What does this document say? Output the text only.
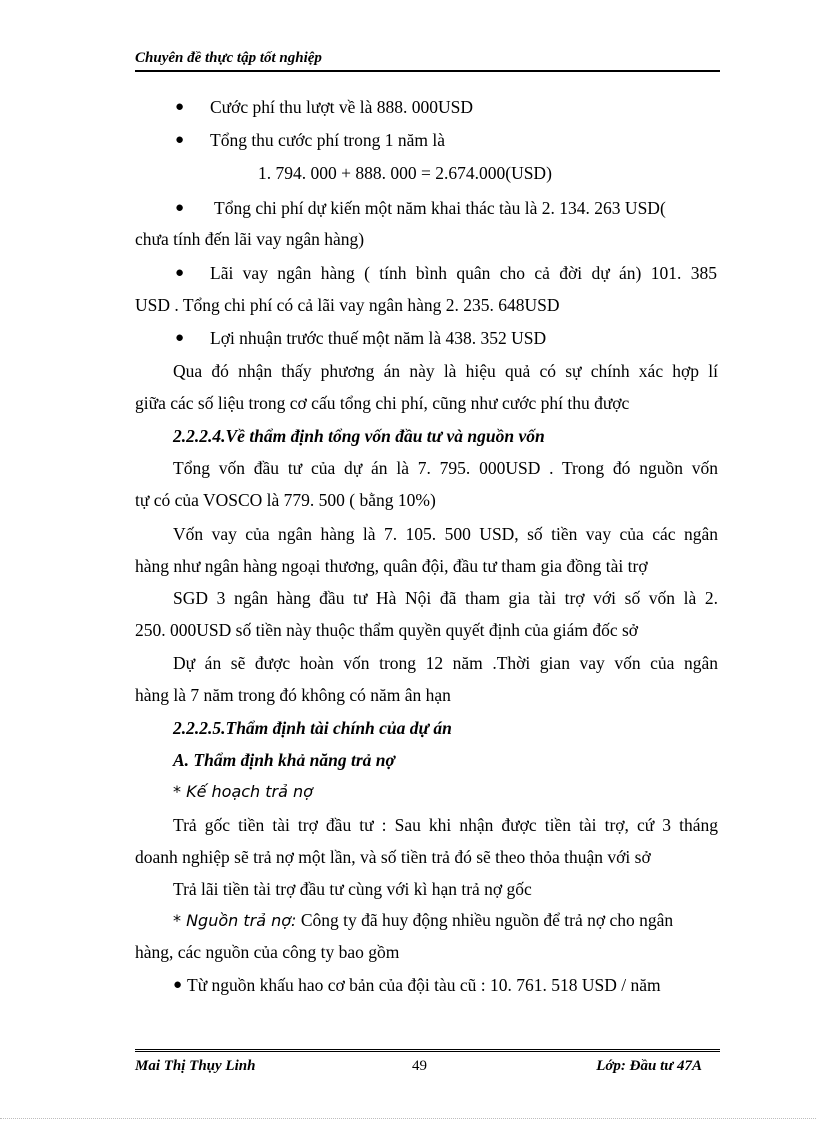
Chuyên đề thực tập tốt nghiệp
● Cước phí thu lượt về là 888. 000USD
● Tổng thu cước phí trong 1 năm là
1. 794. 000 + 888. 000 = 2.674.000(USD)
● Tổng chi phí dự kiến một năm khai thác tàu là 2. 134. 263 USD(
chưa tính đến lãi vay ngân hàng)
● Lãi vay ngân hàng ( tính bình quân cho cả đời dự án) 101. 385
USD . Tổng chi phí có cả lãi vay ngân hàng 2. 235. 648USD
● Lợi nhuận trước thuế một năm là 438. 352 USD
Qua đó nhận thấy phương án này là hiệu quả có sự chính xác hợp lí
giữa các số liệu trong cơ cấu tổng chi phí, cũng như cước phí thu được
2.2.2.4.Về thẩm định tổng vốn đầu tư và nguồn vốn
Tổng vốn đầu tư của dự án là 7. 795. 000USD . Trong đó nguồn vốn
tự có của VOSCO là 779. 500 ( bằng 10%)
Vốn vay của ngân hàng là 7. 105. 500 USD, số tiền vay của các ngân
hàng như ngân hàng ngoại thương, quân đội, đầu tư tham gia đồng tài trợ
SGD 3 ngân hàng đầu tư Hà Nội đã tham gia tài trợ với số vốn là 2.
250. 000USD số tiền này thuộc thẩm quyền quyết định của giám đốc sở
Dự án sẽ được hoàn vốn trong 12 năm .Thời gian vay vốn của ngân
hàng là 7 năm trong đó không có năm ân hạn
2.2.2.5.Thẩm định tài chính của dự án
A. Thẩm định khả năng trả nợ
* Kế hoạch trả nợ
Trả gốc tiền tài trợ đầu tư : Sau khi nhận được tiền tài trợ, cứ 3 tháng
doanh nghiệp sẽ trả nợ một lần, và số tiền trả đó sẽ theo thỏa thuận với sở
Trả lãi tiền tài trợ đầu tư cùng với kì hạn trả nợ gốc
* Nguồn trả nợ: Công ty đã huy động nhiều nguồn để trả nợ cho ngân
hàng, các nguồn của công ty bao gồm
● Từ nguồn khấu hao cơ bản của đội tàu cũ : 10. 761. 518 USD / năm
Mai Thị Thụy Linh	49	Lớp: Đầu tư 47A
